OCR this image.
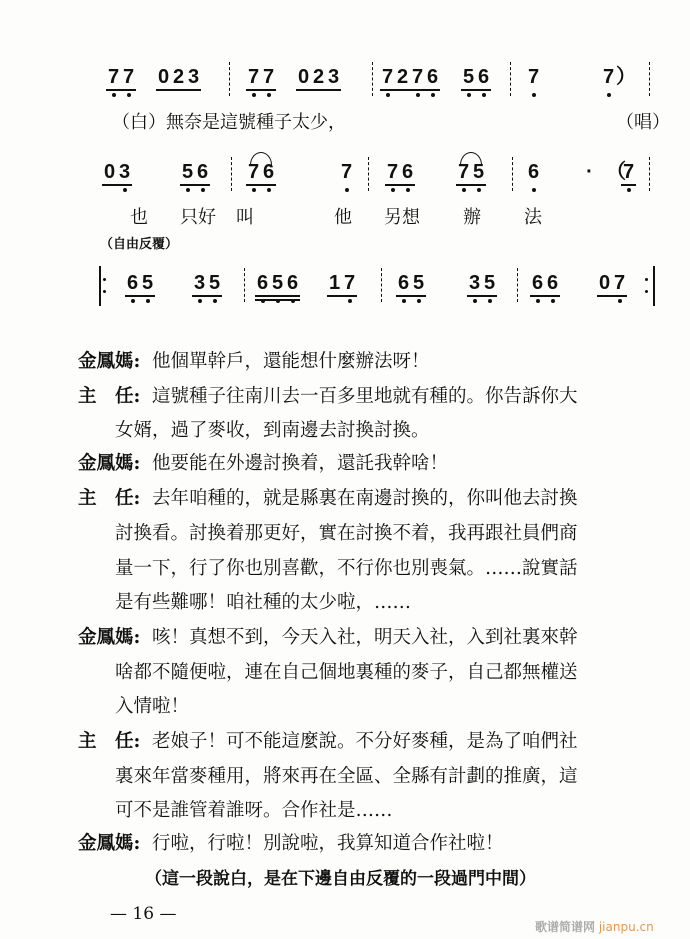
7 7 0 2 3 7 7 0 2 3 7 2 7 6 5 6 7	7）
0 3	5 6 7 6	7 7 6 7 5 6 · （7
6 5 3 5 6 5 6 1 7 6 5 3 5 6 6 0 7
（白）無奈是這號種子太少，	（唱）
也 只好 叫	他 另想 辦 法
（自由反覆）
金鳳媽: 他個單幹戶，還能想什麼辦法呀！
主　任: 這號種子往南川去一百多里地就有種的。你告訴你大
女婿，過了麥收，到南邊去討換討換。
金鳳媽: 他要能在外邊討換着，還託我幹啥！
主　任: 去年咱種的，就是縣裏在南邊討換的，你叫他去討換
討換看。討換着那更好，實在討換不着，我再跟社員們商
量一下，行了你也別喜歡，不行你也別喪氣。……說實話
是有些難哪！咱社種的太少啦，……
金鳳媽: 咳！真想不到，今天入社，明天入社，入到社裏來幹
啥都不隨便啦，連在自己個地裏種的麥子，自己都無權送
入情啦！
主　任: 老娘子！可不能這麼說。不分好麥種，是為了咱們社
裏來年當麥種用，將來再在全區、全縣有計劃的推廣，這
可不是誰管着誰呀。合作社是……
金鳳媽: 行啦，行啦！別說啦，我算知道合作社啦！
（這一段說白，是在下邊自由反覆的一段過門中間）
— 16 —
歌谱简谱网 jianpu.cn
